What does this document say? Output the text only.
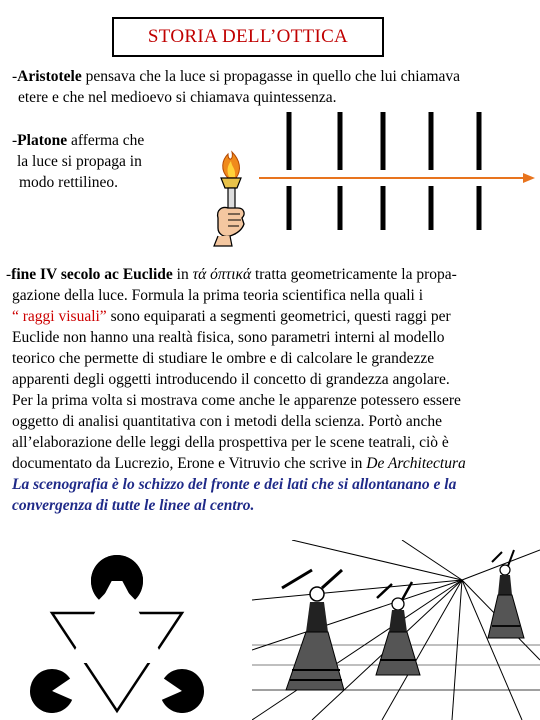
STORIA DELL’OTTICA
-Aristotele pensava che la luce si propagasse in quello che lui chiamava
etere e che nel medioevo si chiamava quintessenza.
-Platone afferma che
la luce si propaga in
modo rettilineo.
-fine IV secolo ac Euclide in τά όπτικά tratta geometricamente la propa-
gazione della luce. Formula la prima teoria scientifica nella quali i
“ raggi visuali” sono equiparati a segmenti geometrici, questi raggi per
Euclide non hanno una realtà fisica, sono parametri interni al modello
teorico che permette di studiare le ombre e di calcolare le grandezze
apparenti degli oggetti introducendo il concetto di grandezza angolare.
Per la prima volta si mostrava come anche le apparenze potessero essere
oggetto di analisi quantitativa con i metodi della scienza. Portò anche
all’elaborazione delle leggi della prospettiva per le scene teatrali, ciò è
documentato da Lucrezio, Erone e Vitruvio che scrive in De Architectura
La scenografia è lo schizzo del fronte e dei lati che si allontanano e la
convergenza di tutte le linee al centro.
